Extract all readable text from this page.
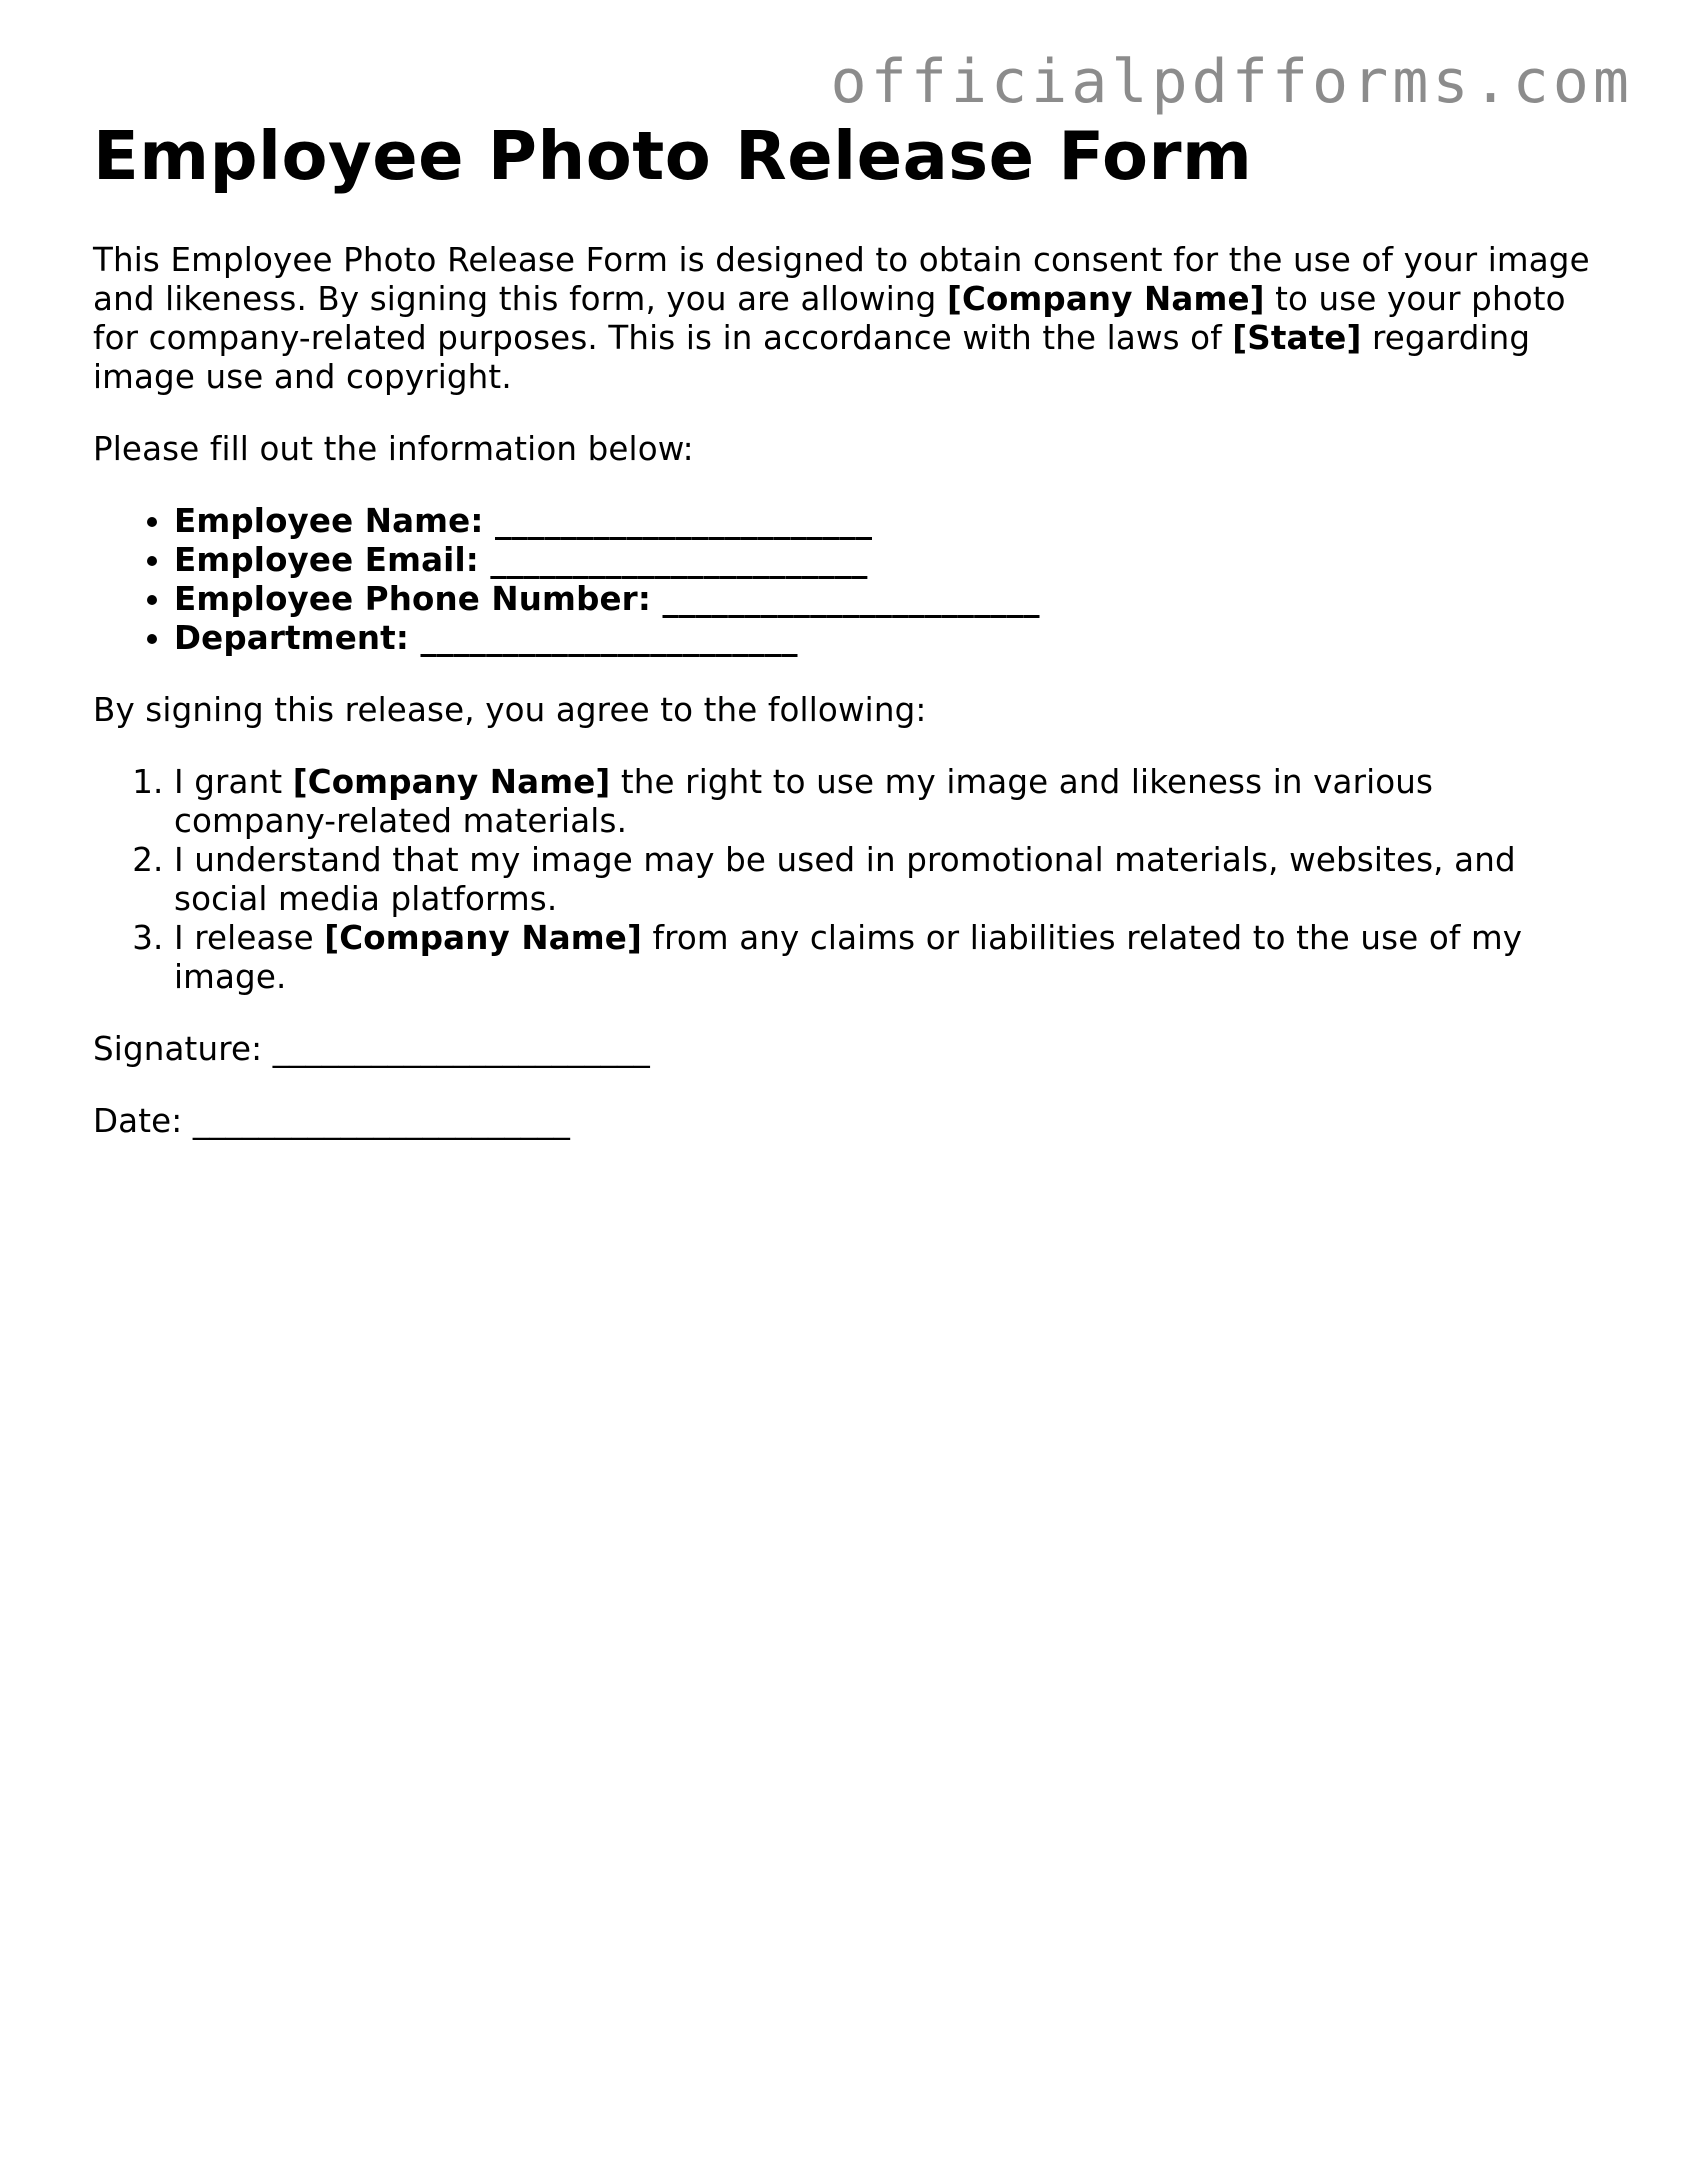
officialpdfforms.com
Employee Photo Release Form

This Employee Photo Release Form is designed to obtain consent for the use of your image and likeness. By signing this form, you are allowing [Company Name] to use your photo for company-related purposes. This is in accordance with the laws of [State] regarding image use and copyright.

Please fill out the information below:

• Employee Name: _______________________
• Employee Email: _______________________
• Employee Phone Number: _______________________
• Department: _______________________

By signing this release, you agree to the following:

1. I grant [Company Name] the right to use my image and likeness in various company-related materials.
2. I understand that my image may be used in promotional materials, websites, and social media platforms.
3. I release [Company Name] from any claims or liabilities related to the use of my image.

Signature: _______________________

Date: _______________________
